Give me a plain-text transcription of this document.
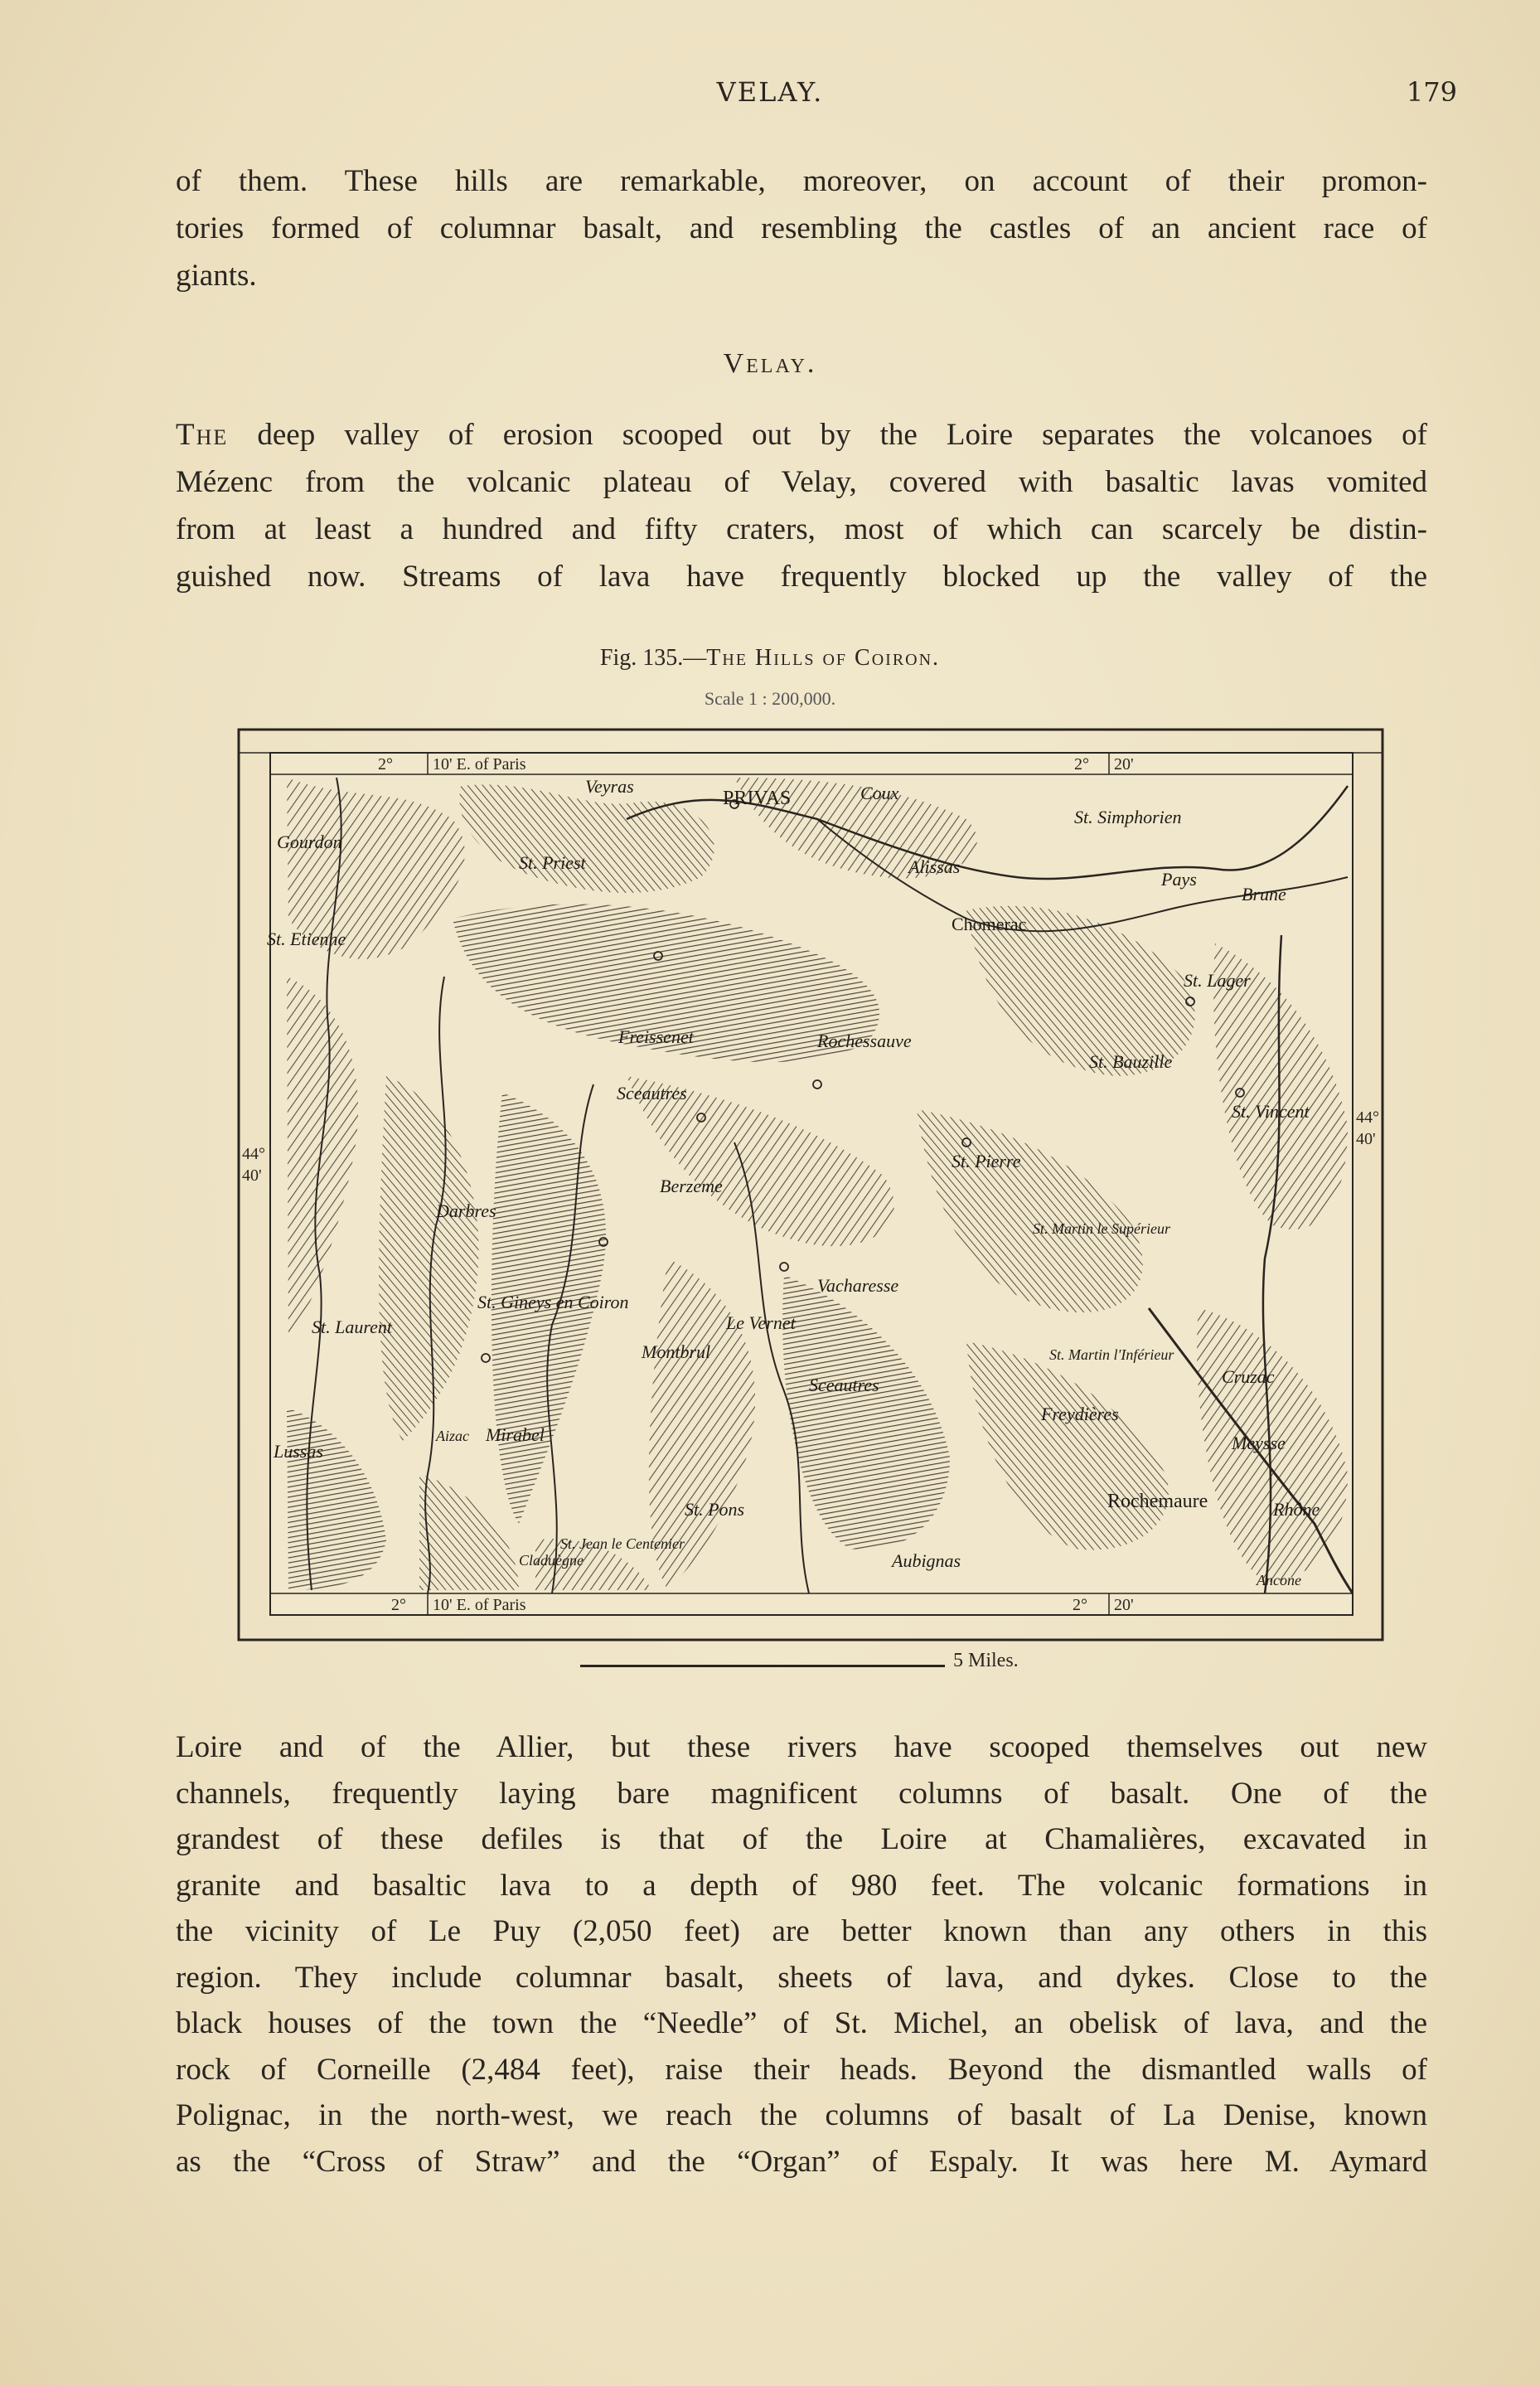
VELAY.	179
of them. These hills are remarkable, moreover, on account of their promon-
tories formed of columnar basalt, and resembling the castles of an ancient race of
giants.
Velay.
The deep valley of erosion scooped out by the Loire separates the volcanoes of
Mézenc from the volcanic plateau of Velay, covered with basaltic lavas vomited
from at least a hundred and fifty craters, most of which can scarcely be distin-
guished now. Streams of lava have frequently blocked up the valley of the
Fig. 135.—The Hills of Coiron.
Scale 1 : 200,000.
2° 10' E. of Paris	2° 20'
2° 10' E. of Paris	2° 20'
44°
40'
44°
40'
Veyras
PRIVAS	Coux
Gourdon
St. Priest
St. Simphorien
Alissas
Pays
Brune
Chomerac
St. Etienne
St. Lager
Freissenet	Rochessauve
St. Bauzille
Sceautres
St. Vincent
Berzeme
St. Pierre
Darbres
St. Martin le Supérieur
Vacharesse
St. Gineys en Coiron
St. Laurent	Le Vernet
Montbrul	St. Martin l'Inférieur
Cruzac
Sceautres
Freydières
Aizac Mirabel	Meysse
Lussas
Rochemaure
St. Pons	Rhône
Claduègne
St. Jean le Centenier
Aubignas
Ancone
5 Miles.
Loire and of the Allier, but these rivers have scooped themselves out new
channels, frequently laying bare magnificent columns of basalt. One of the
grandest of these defiles is that of the Loire at Chamalières, excavated in
granite and basaltic lava to a depth of 980 feet. The volcanic formations in
the vicinity of Le Puy (2,050 feet) are better known than any others in this
region. They include columnar basalt, sheets of lava, and dykes. Close to the
black houses of the town the “Needle” of St. Michel, an obelisk of lava, and the
rock of Corneille (2,484 feet), raise their heads. Beyond the dismantled walls of
Polignac, in the north-west, we reach the columns of basalt of La Denise, known
as the “Cross of Straw” and the “Organ” of Espaly. It was here M. Aymard
